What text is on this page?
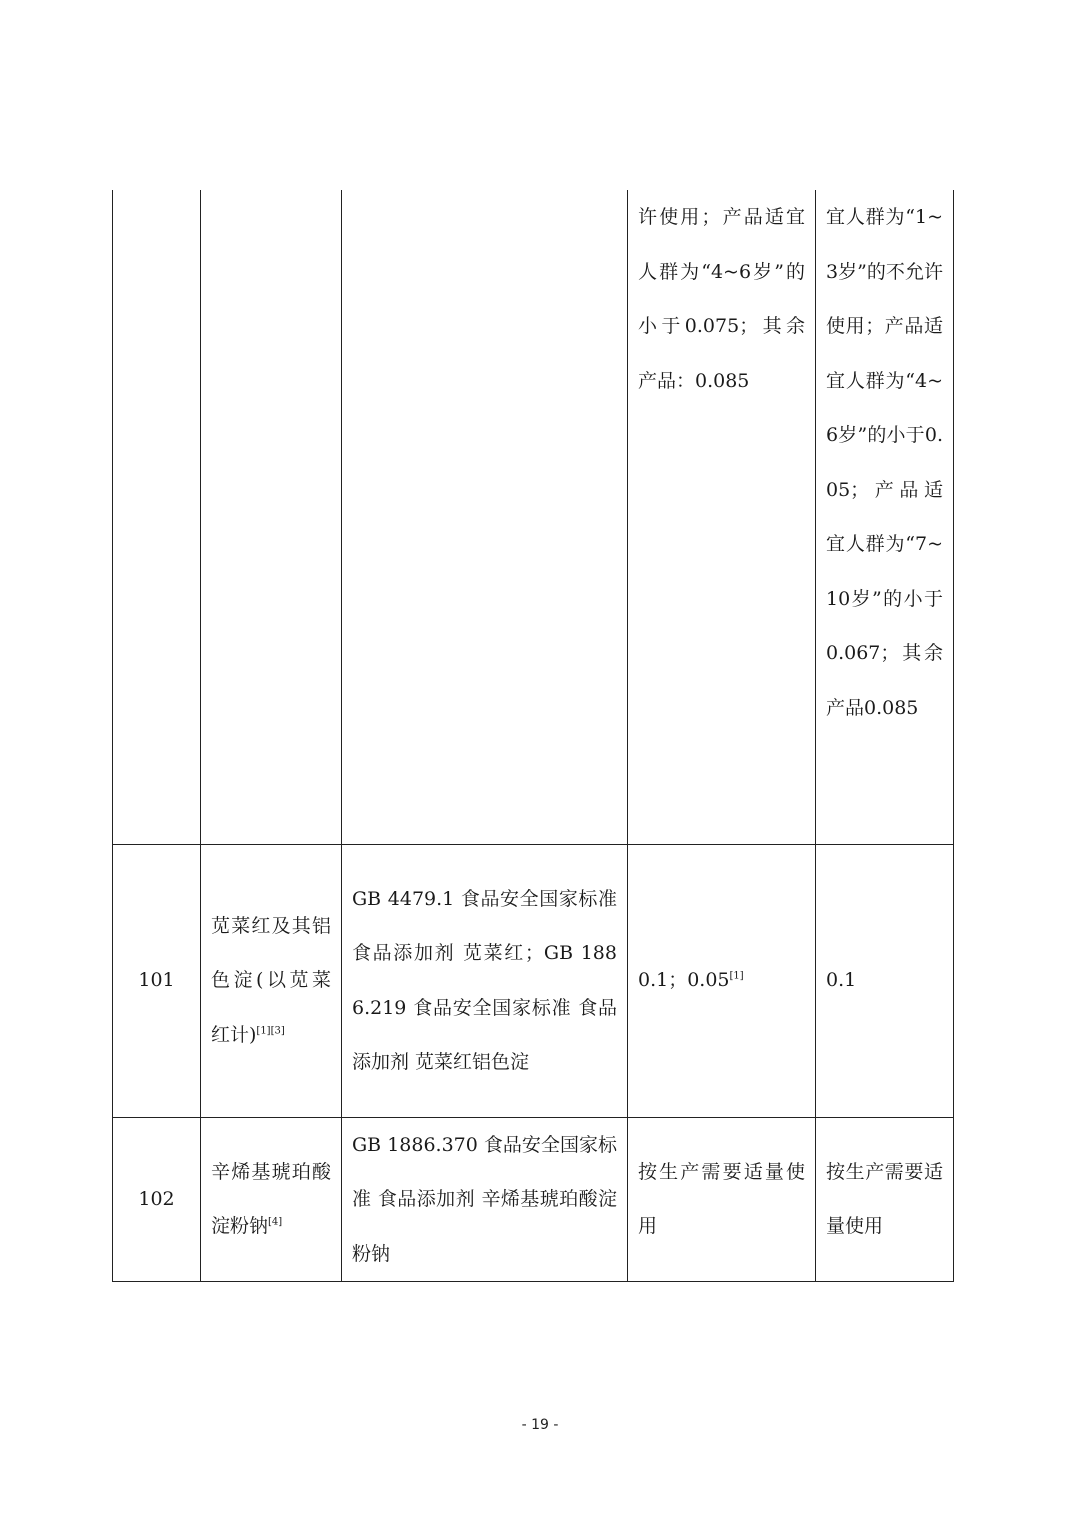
			许使用；产品适宜人群为“4~6岁”的小于0.075；其余产品：0.085	宜人群为“1~3岁”的不允许使用；产品适宜人群为“4~6岁”的小于0.05；产品适宜人群为“7~10岁”的小于0.067；其余产品0.085
101	苋菜红及其铝色淀(以苋菜红计)[1][3]	GB 4479.1 食品安全国家标准 食品添加剂 苋菜红；GB 1886.219 食品安全国家标准 食品添加剂 苋菜红铝色淀	0.1；0.05[1]	0.1
102	辛烯基琥珀酸淀粉钠[4]	GB 1886.370 食品安全国家标准 食品添加剂 辛烯基琥珀酸淀粉钠	按生产需要适量使用	按生产需要适量使用
- 19 -
